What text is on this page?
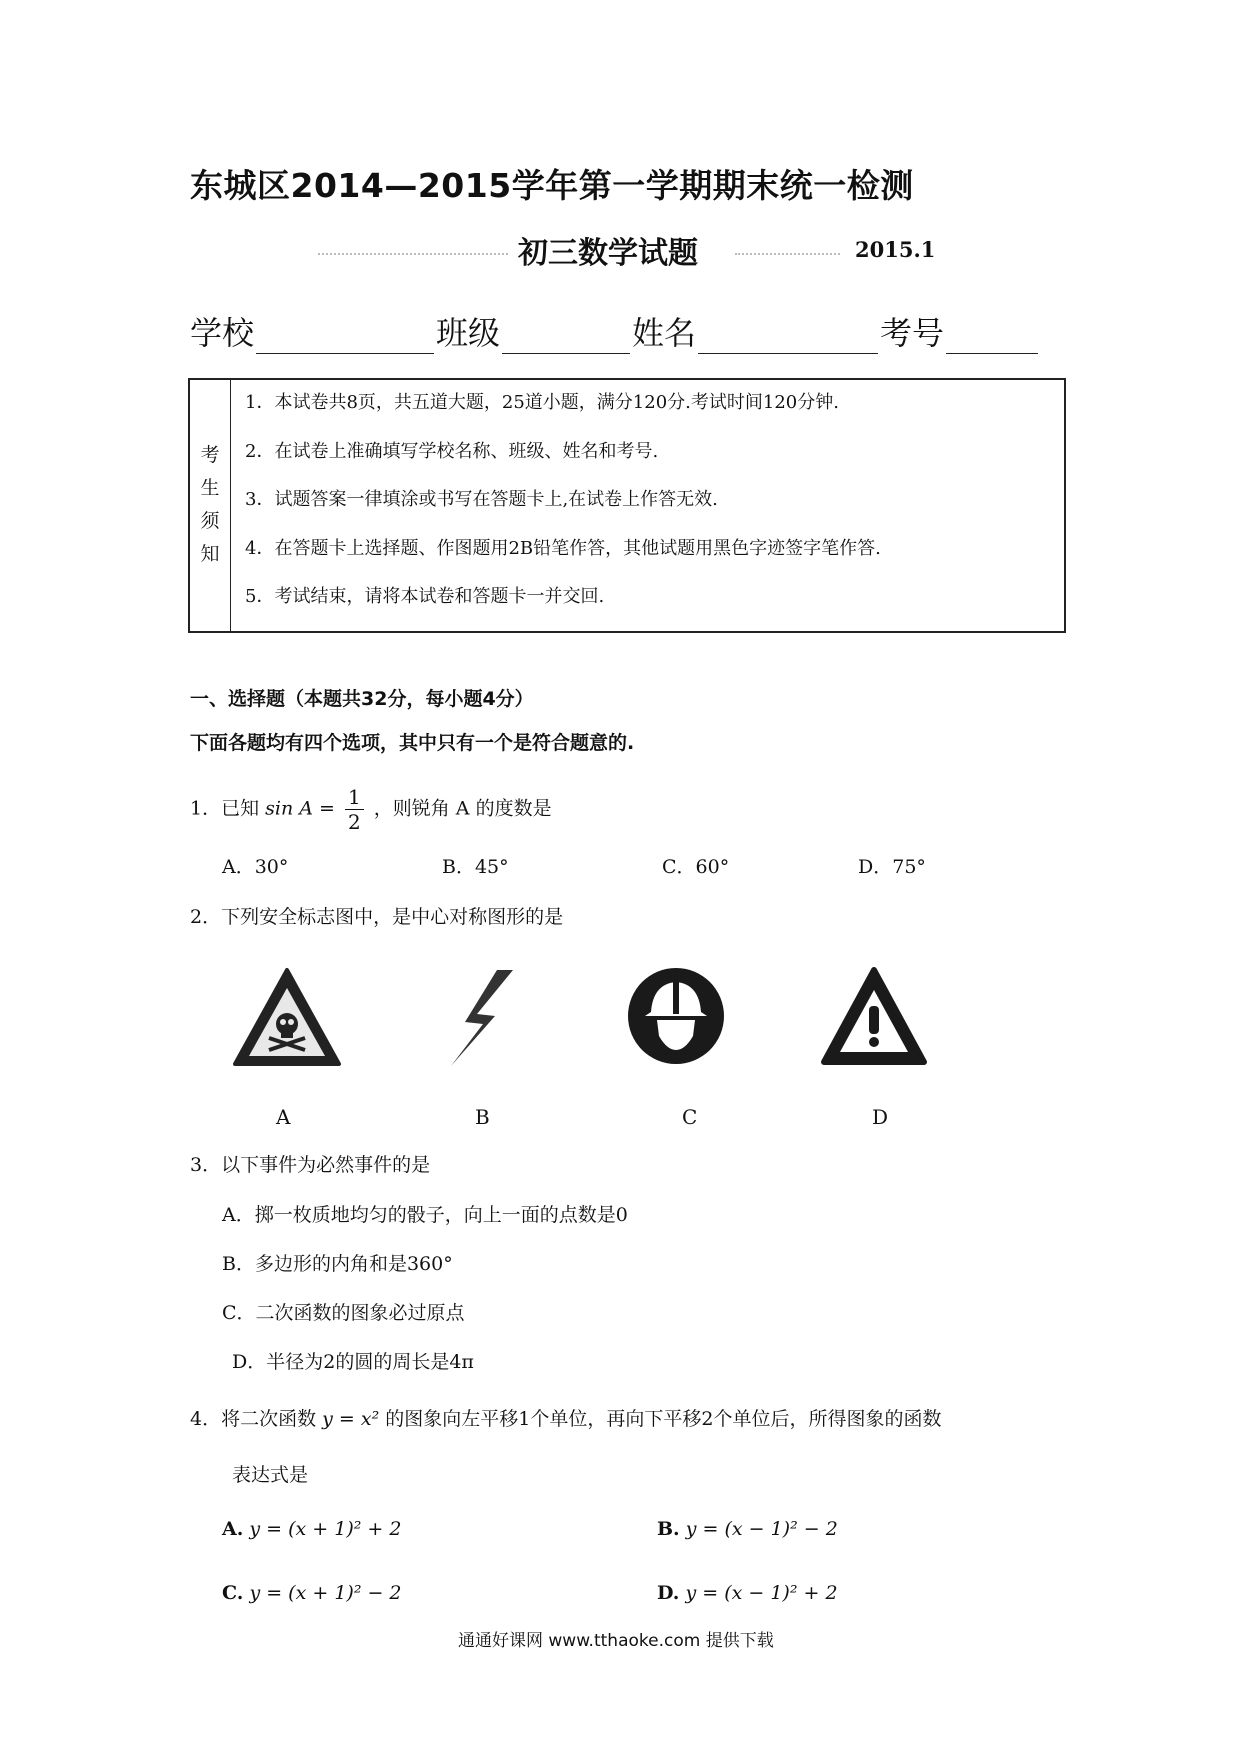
东城区2014—2015学年第一学期期末统一检测
初三数学试题	2015.1
学校	班级	姓名	考号
考
生
须
知

1．本试卷共8页，共五道大题，25道小题，满分120分.考试时间120分钟.
2．在试卷上准确填写学校名称、班级、姓名和考号.
3．试题答案一律填涂或书写在答题卡上,在试卷上作答无效.
4．在答题卡上选择题、作图题用2B铅笔作答，其他试题用黑色字迹签字笔作答.
5．考试结束，请将本试卷和答题卡一并交回.
一、选择题（本题共32分，每小题4分）
下面各题均有四个选项，其中只有一个是符合题意的.
1．已知 $\sin A = \frac{1}{2}$ ，则锐角 A 的度数是
A．30°	B．45°	C．60°	D．75°
2．下列安全标志图中，是中心对称图形的是
A	B	C	D
3．以下事件为必然事件的是
A．掷一枚质地均匀的骰子，向上一面的点数是0
B．多边形的内角和是360°
C．二次函数的图象必过原点
D．半径为2的圆的周长是4π
4．将二次函数 y = x² 的图象向左平移1个单位，再向下平移2个单位后，所得图象的函数
表达式是
A. y = (x + 1)² + 2	B. y = (x − 1)² − 2
C. y = (x + 1)² − 2	D. y = (x − 1)² + 2
通通好课网 www.tthaoke.com 提供下载
